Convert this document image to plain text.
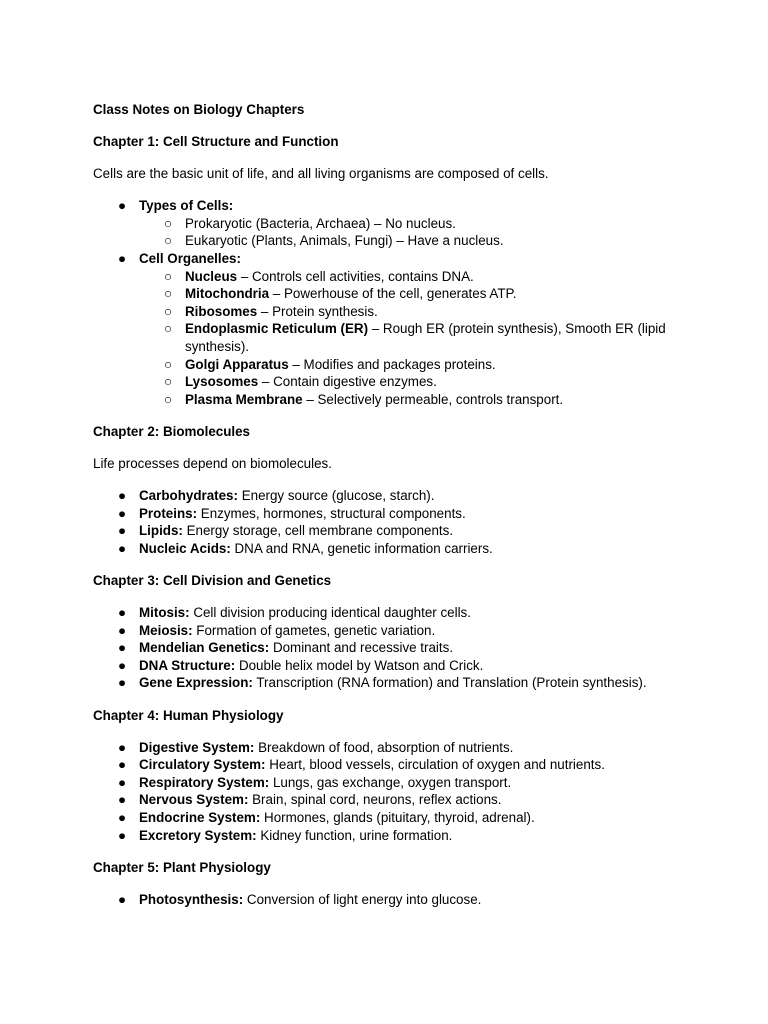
Class Notes on Biology Chapters
Chapter 1: Cell Structure and Function
Cells are the basic unit of life, and all living organisms are composed of cells.
● Types of Cells:
○ Prokaryotic (Bacteria, Archaea) – No nucleus.
○ Eukaryotic (Plants, Animals, Fungi) – Have a nucleus.
● Cell Organelles:
○ Nucleus – Controls cell activities, contains DNA.
○ Mitochondria – Powerhouse of the cell, generates ATP.
○ Ribosomes – Protein synthesis.
○ Endoplasmic Reticulum (ER) – Rough ER (protein synthesis), Smooth ER (lipid synthesis).
○ Golgi Apparatus – Modifies and packages proteins.
○ Lysosomes – Contain digestive enzymes.
○ Plasma Membrane – Selectively permeable, controls transport.
Chapter 2: Biomolecules
Life processes depend on biomolecules.
● Carbohydrates: Energy source (glucose, starch).
● Proteins: Enzymes, hormones, structural components.
● Lipids: Energy storage, cell membrane components.
● Nucleic Acids: DNA and RNA, genetic information carriers.
Chapter 3: Cell Division and Genetics
● Mitosis: Cell division producing identical daughter cells.
● Meiosis: Formation of gametes, genetic variation.
● Mendelian Genetics: Dominant and recessive traits.
● DNA Structure: Double helix model by Watson and Crick.
● Gene Expression: Transcription (RNA formation) and Translation (Protein synthesis).
Chapter 4: Human Physiology
● Digestive System: Breakdown of food, absorption of nutrients.
● Circulatory System: Heart, blood vessels, circulation of oxygen and nutrients.
● Respiratory System: Lungs, gas exchange, oxygen transport.
● Nervous System: Brain, spinal cord, neurons, reflex actions.
● Endocrine System: Hormones, glands (pituitary, thyroid, adrenal).
● Excretory System: Kidney function, urine formation.
Chapter 5: Plant Physiology
● Photosynthesis: Conversion of light energy into glucose.
